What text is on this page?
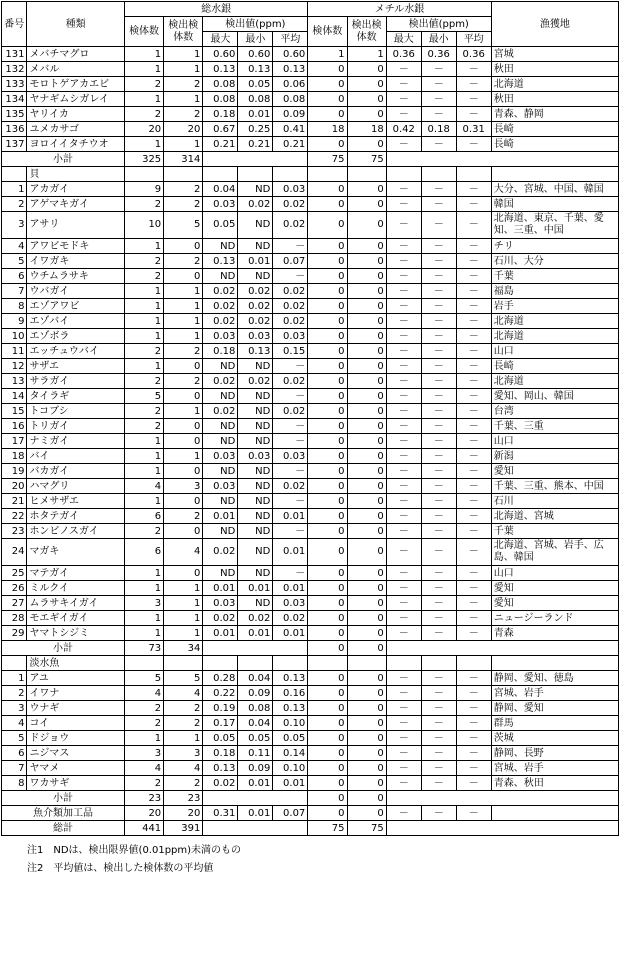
番号	種類	総水銀					メチル水銀					漁獲地
		検体数	検出検体数	検出値(ppm)			検体数	検出検体数	検出値(ppm)			
				最大	最小	平均			最大	最小	平均	
131	メバチマグロ	1	1	0.60	0.60	0.60	1	1	0.36	0.36	0.36	宮城
132	メバル	1	1	0.13	0.13	0.13	0	0	－	－	－	秋田
133	モロトゲアカエビ	2	2	0.08	0.05	0.06	0	0	－	－	－	北海道
134	ヤナギムシガレイ	1	1	0.08	0.08	0.08	0	0	－	－	－	秋田
135	ヤリイカ	2	2	0.18	0.01	0.09	0	0	－	－	－	青森、静岡
136	ユメカサゴ	20	20	0.67	0.25	0.41	18	18	0.42	0.18	0.31	長崎
137	ヨロイイタチウオ	1	1	0.21	0.21	0.21	0	0	－	－	－	長崎
小計		325	314				75	75				
	貝											
1	アカガイ	9	2	0.04	ND	0.03	0	0	－	－	－	大分、宮城、中国、韓国
2	アゲマキガイ	2	2	0.03	0.02	0.02	0	0	－	－	－	韓国
3	アサリ	10	5	0.05	ND	0.02	0	0	－	－	－	北海道、東京、千葉、愛知、三重、中国
4	アワビモドキ	1	0	ND	ND	－	0	0	－	－	－	チリ
5	イワガキ	2	2	0.13	0.01	0.07	0	0	－	－	－	石川、大分
6	ウチムラサキ	2	0	ND	ND	－	0	0	－	－	－	千葉
7	ウバガイ	1	1	0.02	0.02	0.02	0	0	－	－	－	福島
8	エゾアワビ	1	1	0.02	0.02	0.02	0	0	－	－	－	岩手
9	エゾバイ	1	1	0.02	0.02	0.02	0	0	－	－	－	北海道
10	エゾボラ	1	1	0.03	0.03	0.03	0	0	－	－	－	北海道
11	エッチュウバイ	2	2	0.18	0.13	0.15	0	0	－	－	－	山口
12	サザエ	1	0	ND	ND	－	0	0	－	－	－	長崎
13	サラガイ	2	2	0.02	0.02	0.02	0	0	－	－	－	北海道
14	タイラギ	5	0	ND	ND	－	0	0	－	－	－	愛知、岡山、韓国
15	トコブシ	2	1	0.02	ND	0.02	0	0	－	－	－	台湾
16	トリガイ	2	0	ND	ND	－	0	0	－	－	－	千葉、三重
17	ナミガイ	1	0	ND	ND	－	0	0	－	－	－	山口
18	バイ	1	1	0.03	0.03	0.03	0	0	－	－	－	新潟
19	バカガイ	1	0	ND	ND	－	0	0	－	－	－	愛知
20	ハマグリ	4	3	0.03	ND	0.02	0	0	－	－	－	千葉、三重、熊本、中国
21	ヒメサザエ	1	0	ND	ND	－	0	0	－	－	－	石川
22	ホタテガイ	6	2	0.01	ND	0.01	0	0	－	－	－	北海道、宮城
23	ホンビノスガイ	2	0	ND	ND	－	0	0	－	－	－	千葉
24	マガキ	6	4	0.02	ND	0.01	0	0	－	－	－	北海道、宮城、岩手、広島、韓国
25	マテガイ	1	0	ND	ND	－	0	0	－	－	－	山口
26	ミルクイ	1	1	0.01	0.01	0.01	0	0	－	－	－	愛知
27	ムラサキイガイ	3	1	0.03	ND	0.03	0	0	－	－	－	愛知
28	モエギイガイ	1	1	0.02	0.02	0.02	0	0	－	－	－	ニュージーランド
29	ヤマトシジミ	1	1	0.01	0.01	0.01	0	0	－	－	－	青森
小計		73	34				0	0				
	淡水魚											
1	アユ	5	5	0.28	0.04	0.13	0	0	－	－	－	静岡、愛知、徳島
2	イワナ	4	4	0.22	0.09	0.16	0	0	－	－	－	宮城、岩手
3	ウナギ	2	2	0.19	0.08	0.13	0	0	－	－	－	静岡、愛知
4	コイ	2	2	0.17	0.04	0.10	0	0	－	－	－	群馬
5	ドジョウ	1	1	0.05	0.05	0.05	0	0	－	－	－	茨城
6	ニジマス	3	3	0.18	0.11	0.14	0	0	－	－	－	静岡、長野
7	ヤマメ	4	4	0.13	0.09	0.10	0	0	－	－	－	宮城、岩手
8	ワカサギ	2	2	0.02	0.01	0.01	0	0	－	－	－	青森、秋田
小計		23	23				0	0				
魚介類加工品		20	20	0.31	0.01	0.07	0	0	－	－	－	
総計		441	391				75	75				
注1　NDは、検出限界値(0.01ppm)未満のもの
注2　平均値は、検出した検体数の平均値
